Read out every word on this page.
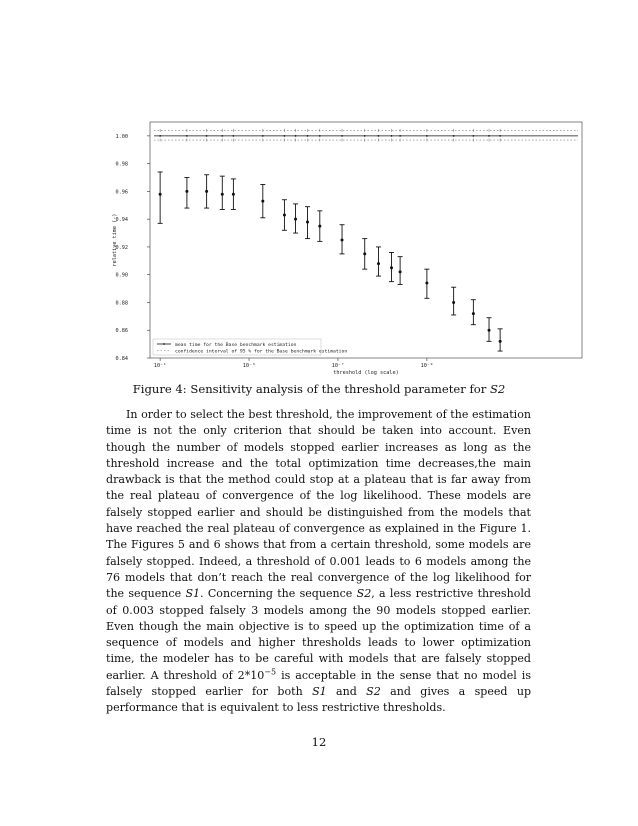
0.84
0.86
0.88
0.90
0.92
0.94
0.96
0.98
1.00
10⁻¹	10⁻³	10⁻⁷	10⁻⁹
threshold (log scale)
relative time (-)
mean time for the Base benchmark estimation
confidence interval of 95 % for the Base benchmark estimation
Figure 4: Sensitivity analysis of the threshold parameter for S2

In order to select the best threshold, the improvement of the estimation time is not the only criterion that should be taken into account. Even though the number of models stopped earlier increases as long as the threshold increase and the total optimization time decreases,the main drawback is that the method could stop at a plateau that is far away from the real plateau of convergence of the log likelihood. These models are falsely stopped earlier and should be distinguished from the models that have reached the real plateau of convergence as explained in the Figure 1. The Figures 5 and 6 shows that from a certain threshold, some models are falsely stopped. Indeed, a threshold of 0.001 leads to 6 models among the 76 models that don’t reach the real convergence of the log likelihood for the sequence S1. Concerning the sequence S2, a less restrictive threshold of 0.003 stopped falsely 3 models among the 90 models stopped earlier. Even though the main objective is to speed up the optimization time of a sequence of models and higher thresholds leads to lower optimization time, the modeler has to be careful with models that are falsely stopped earlier. A threshold of $2*10^{-5}$ is acceptable in the sense that no model is falsely stopped earlier for both S1 and S2 and gives a speed up performance that is equivalent to less restrictive thresholds.

12
